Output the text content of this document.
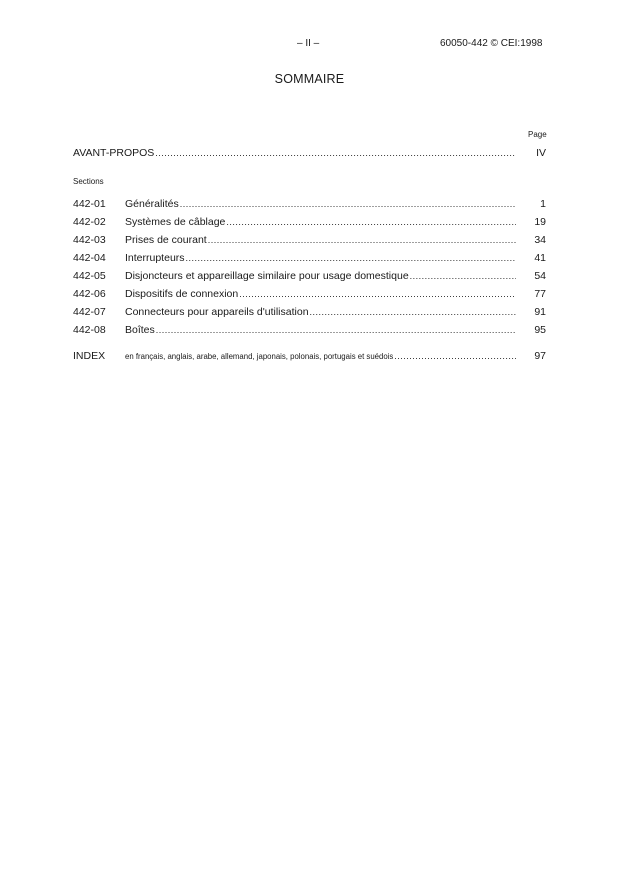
– II –	60050-442 © CEI:1998
SOMMAIRE
Page
AVANT-PROPOS .....	IV
Sections
442-01	Généralités .....	1
442-02	Systèmes de câblage .....	19
442-03	Prises de courant .....	34
442-04	Interrupteurs .....	41
442-05	Disjoncteurs et appareillage similaire pour usage domestique .....	54
442-06	Dispositifs de connexion .....	77
442-07	Connecteurs pour appareils d'utilisation .....	91
442-08	Boîtes .....	95
INDEX	en français, anglais, arabe, allemand, japonais, polonais, portugais et suédois .....	97
